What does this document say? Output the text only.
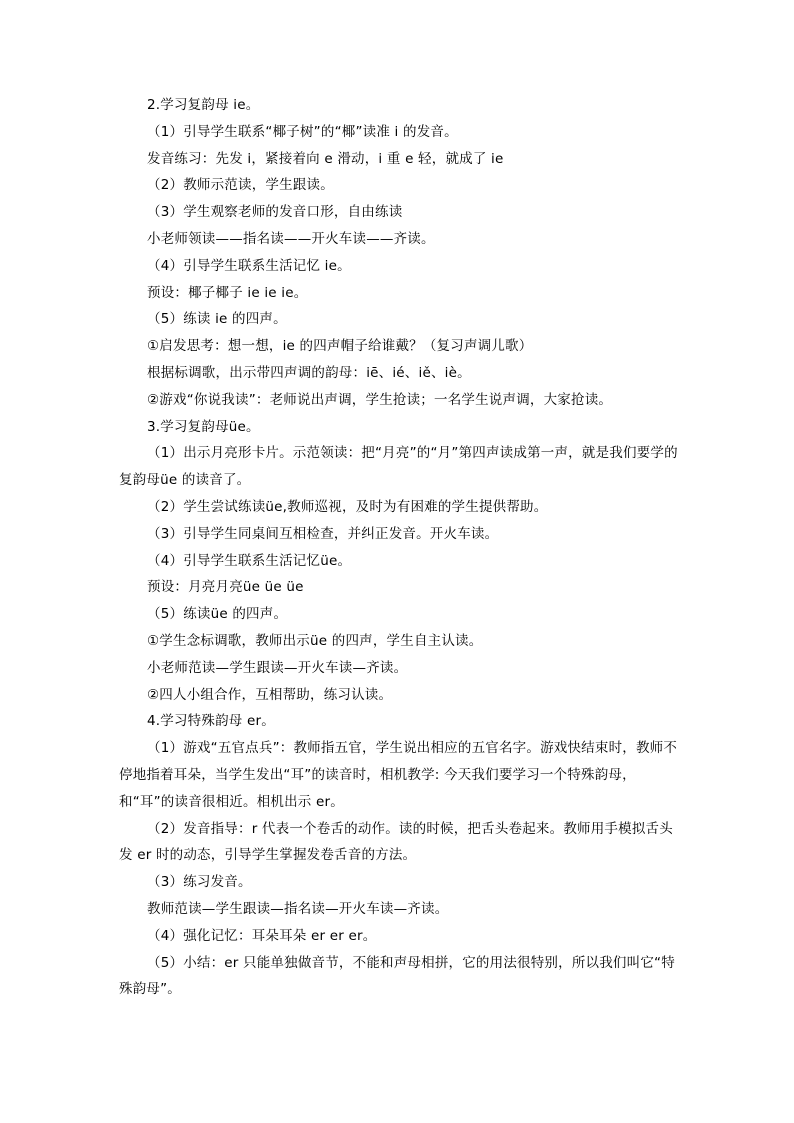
2.学习复韵母 ie。
（1）引导学生联系“椰子树”的“椰”读准 i 的发音。
发音练习：先发 i，紧接着向 e 滑动，i 重 e 轻，就成了 ie
（2）教师示范读，学生跟读。
（3）学生观察老师的发音口形，自由练读
小老师领读——指名读——开火车读——齐读。
（4）引导学生联系生活记忆 ie。
预设：椰子椰子 ie ie ie。
（5）练读 ie 的四声。
①启发思考：想一想，ie 的四声帽子给谁戴？（复习声调儿歌）
根据标调歌，出示带四声调的韵母：iē、ié、iě、iè。
②游戏“你说我读”：老师说出声调，学生抢读；一名学生说声调，大家抢读。
3.学习复韵母üe。
（1）出示月亮形卡片。示范领读：把“月亮”的“月”第四声读成第一声，就是我们要学的复韵母üe 的读音了。
（2）学生尝试练读üe,教师巡视，及时为有困难的学生提供帮助。
（3）引导学生同桌间互相检查，并纠正发音。开火车读。
（4）引导学生联系生活记忆üe。
预设：月亮月亮üe üe üe
（5）练读üe 的四声。
①学生念标调歌，教师出示üe 的四声，学生自主认读。
小老师范读—学生跟读—开火车读—齐读。
②四人小组合作，互相帮助，练习认读。
4.学习特殊韵母 er。
（1）游戏“五官点兵”：教师指五官，学生说出相应的五官名字。游戏快结束时，教师不停地指着耳朵，当学生发出“耳”的读音时，相机教学: 今天我们要学习一个特殊韵母，和“耳”的读音很相近。相机出示 er。
（2）发音指导：r 代表一个卷舌的动作。读的时候，把舌头卷起来。教师用手模拟舌头发 er 时的动态，引导学生掌握发卷舌音的方法。
（3）练习发音。
教师范读—学生跟读—指名读—开火车读—齐读。
（4）强化记忆：耳朵耳朵 er er er。
（5）小结：er 只能单独做音节，不能和声母相拼，它的用法很特别，所以我们叫它“特殊韵母”。
